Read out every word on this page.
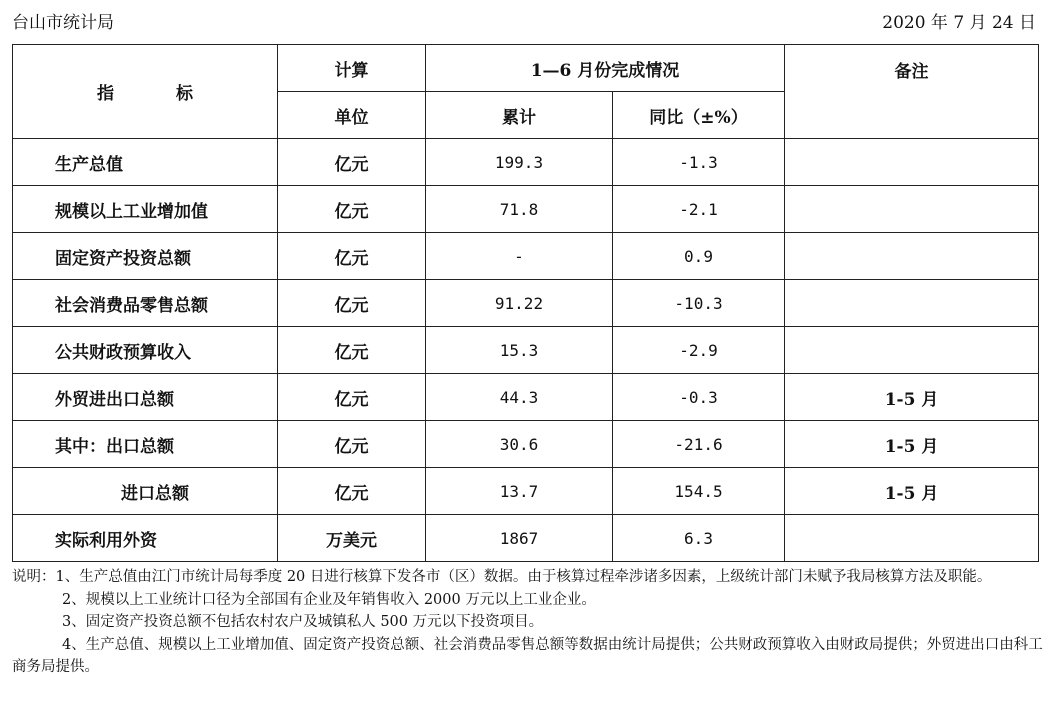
台山市统计局	2020 年 7 月 24 日
指 标	计算	1—6 月份完成情况		备注
	单位	累计	同比（±%）	
生产总值	亿元	199.3	-1.3	
规模以上工业增加值	亿元	71.8	-2.1	
固定资产投资总额	亿元	-	0.9	
社会消费品零售总额	亿元	91.22	-10.3	
公共财政预算收入	亿元	15.3	-2.9	
外贸进出口总额	亿元	44.3	-0.3	1-5 月
其中：出口总额	亿元	30.6	-21.6	1-5 月
进口总额	亿元	13.7	154.5	1-5 月
实际利用外资	万美元	1867	6.3	

说明：1、生产总值由江门市统计局每季度 20 日进行核算下发各市（区）数据。由于核算过程牵涉诸多因素，上级统计部门未赋予我局核算方法及职能。

2、规模以上工业统计口径为全部国有企业及年销售收入 2000 万元以上工业企业。

3、固定资产投资总额不包括农村农户及城镇私人 500 万元以下投资项目。

4、生产总值、规模以上工业增加值、固定资产投资总额、社会消费品零售总额等数据由统计局提供；公共财政预算收入由财政局提供；外贸进出口由科工商务局提供。
